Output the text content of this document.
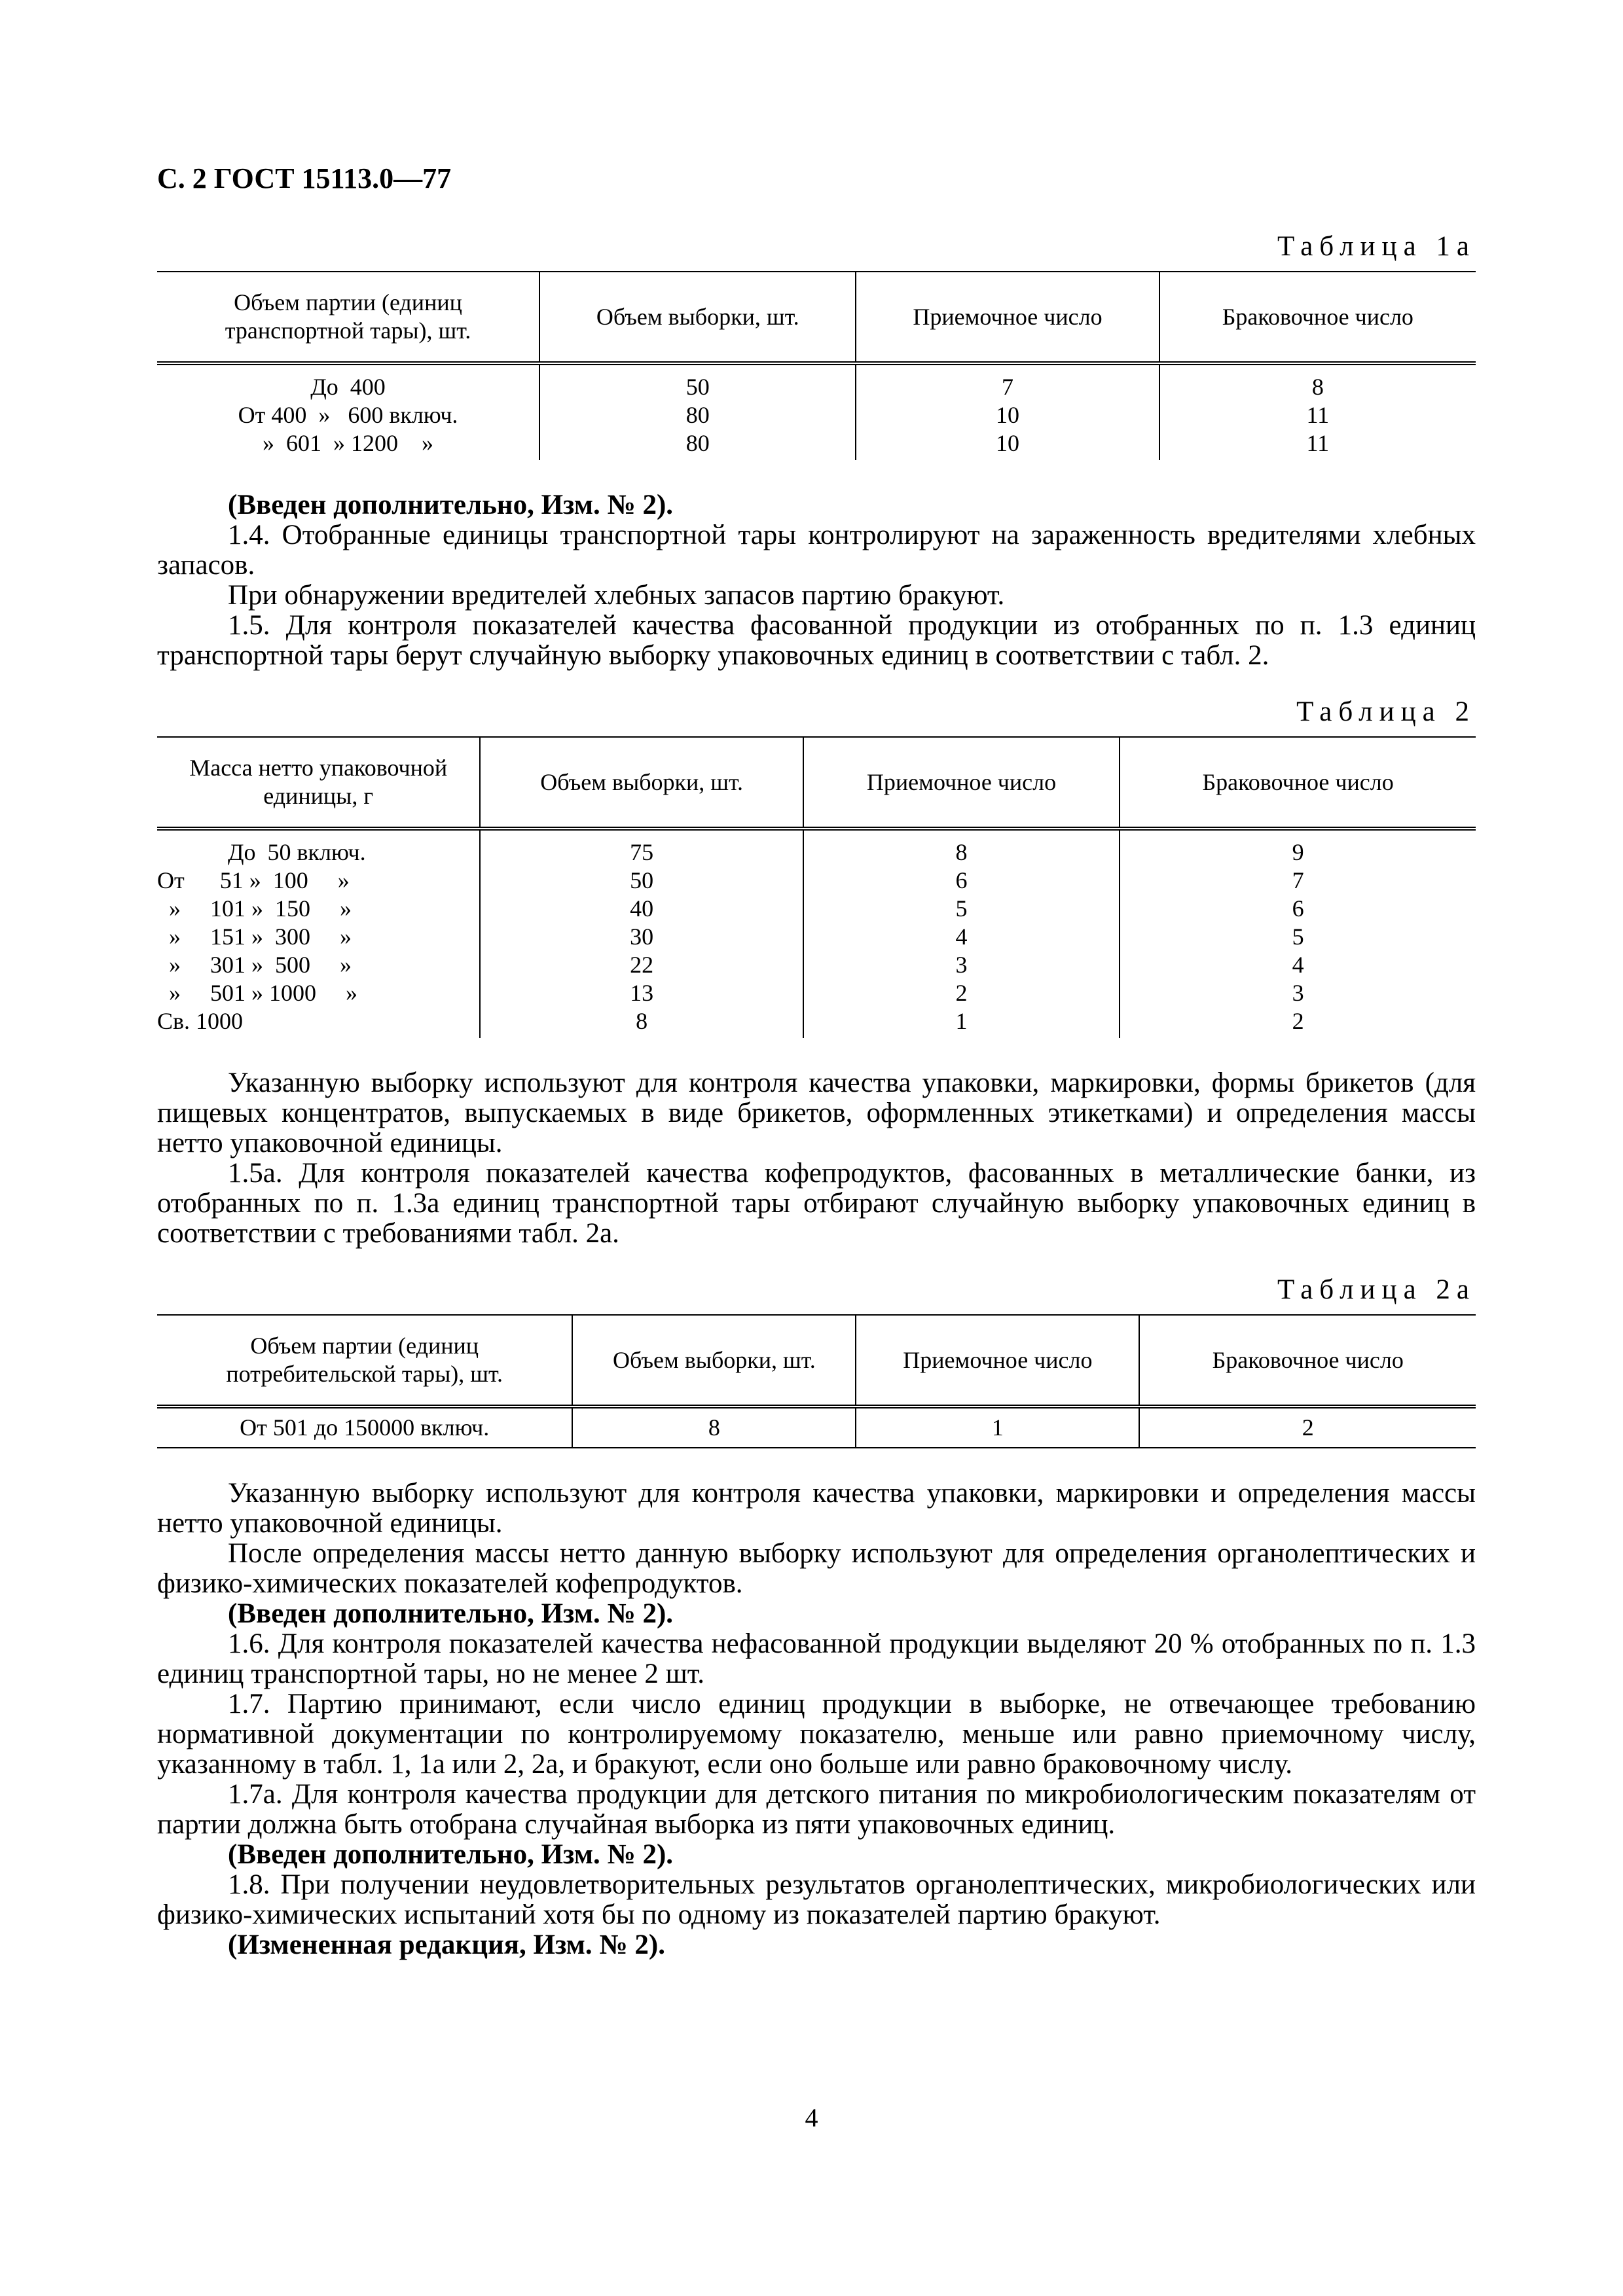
С. 2 ГОСТ 15113.0—77
Таблица 1а
Объем партии (единиц транспортной тары), шт.	Объем выборки, шт.	Приемочное число	Браковочное число
До  400	50	7	8
От 400  »   600 включ.	80	10	11
»  601  » 1200    »	80	10	11

(Введен дополнительно, Изм. № 2).

1.4. Отобранные единицы транспортной тары контролируют на зараженность вредителями хлебных запасов.

При обнаружении вредителей хлебных запасов партию бракуют.

1.5. Для контроля показателей качества фасованной продукции из отобранных по п. 1.3 единиц транспортной тары берут случайную выборку упаковочных единиц в соответствии с табл. 2.

Таблица 2
Масса нетто упаковочной единицы, г	Объем выборки, шт.	Приемочное число	Браковочное число
До  50 включ.	75	8	9
От      51 »  100     »	50	6	7
»     101 »  150     »	40	5	6
»     151 »  300     »	30	4	5
»     301 »  500     »	22	3	4
»     501 » 1000     »	13	2	3
Св. 1000	8	1	2

Указанную выборку используют для контроля качества упаковки, маркировки, формы брикетов (для пищевых концентратов, выпускаемых в виде брикетов, оформленных этикетками) и определения массы нетто упаковочной единицы.

1.5а. Для контроля показателей качества кофепродуктов, фасованных в металлические банки, из отобранных по п. 1.3а единиц транспортной тары отбирают случайную выборку упаковочных единиц в соответствии с требованиями табл. 2а.

Таблица 2а
Объем партии (единиц потребительской тары), шт.	Объем выборки, шт.	Приемочное число	Браковочное число
От 501 до 150000 включ.	8	1	2

Указанную выборку используют для контроля качества упаковки, маркировки и определения массы нетто упаковочной единицы.

После определения массы нетто данную выборку используют для определения органолептических и физико-химических показателей кофепродуктов.

(Введен дополнительно, Изм. № 2).

1.6. Для контроля показателей качества нефасованной продукции выделяют 20 % отобранных по п. 1.3 единиц транспортной тары, но не менее 2 шт.

1.7. Партию принимают, если число единиц продукции в выборке, не отвечающее требованию нормативной документации по контролируемому показателю, меньше или равно приемочному числу, указанному в табл. 1, 1а или 2, 2а, и бракуют, если оно больше или равно браковочному числу.

1.7а. Для контроля качества продукции для детского питания по микробиологическим показателям от партии должна быть отобрана случайная выборка из пяти упаковочных единиц.

(Введен дополнительно, Изм. № 2).

1.8. При получении неудовлетворительных результатов органолептических, микробиологических или физико-химических испытаний хотя бы по одному из показателей партию бракуют.

(Измененная редакция, Изм. № 2).

4
